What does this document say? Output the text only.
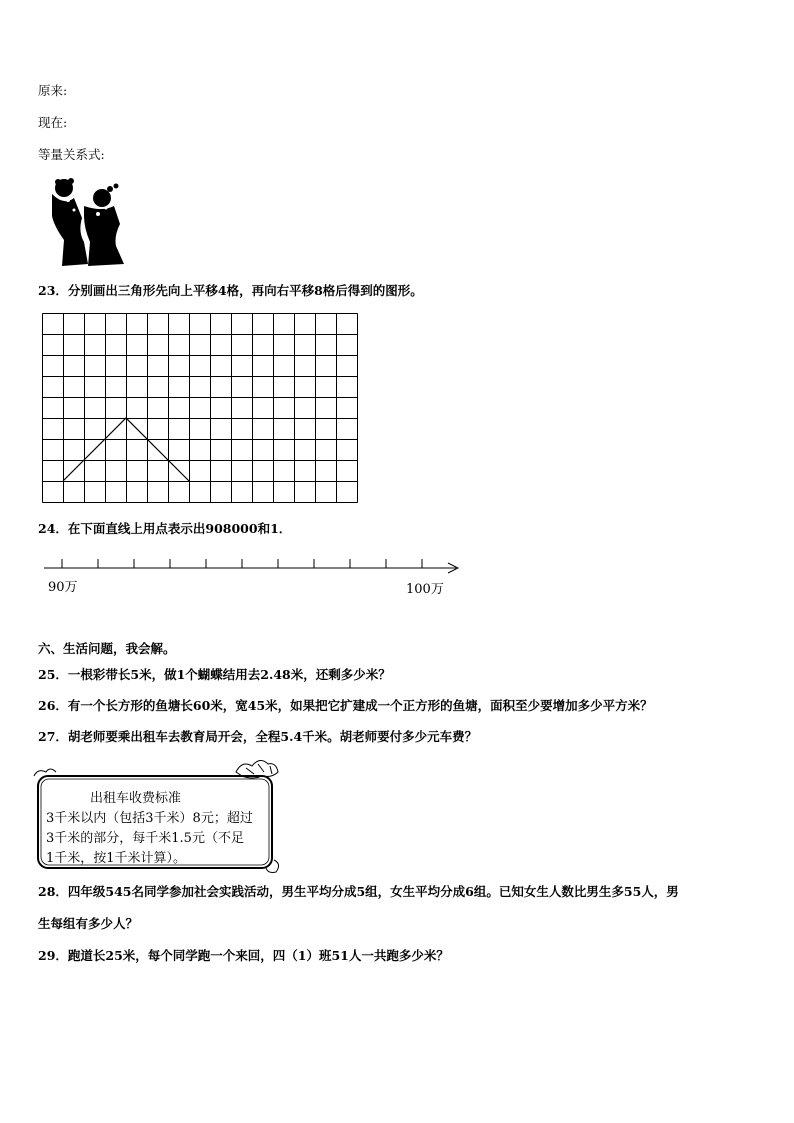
原来:
现在:
等量关系式:
23．分别画出三角形先向上平移4格，再向右平移8格后得到的图形。
24．在下面直线上用点表示出908000和1．
90万	100万
六、生活问题，我会解。
25．一根彩带长5米，做1个蝴蝶结用去2.48米，还剩多少米？
26．有一个长方形的鱼塘长60米，宽45米，如果把它扩建成一个正方形的鱼塘，面积至少要增加多少平方米？
27．胡老师要乘出租车去教育局开会，全程5.4千米。胡老师要付多少元车费？
出租车收费标准
3千米以内（包括3千米）8元；超过
3千米的部分，每千米1.5元（不足
1千米，按1千米计算）。
28．四年级545名同学参加社会实践活动，男生平均分成5组，女生平均分成6组。已知女生人数比男生多55人，男
生每组有多少人？
29．跑道长25米，每个同学跑一个来回，四（1）班51人一共跑多少米？
